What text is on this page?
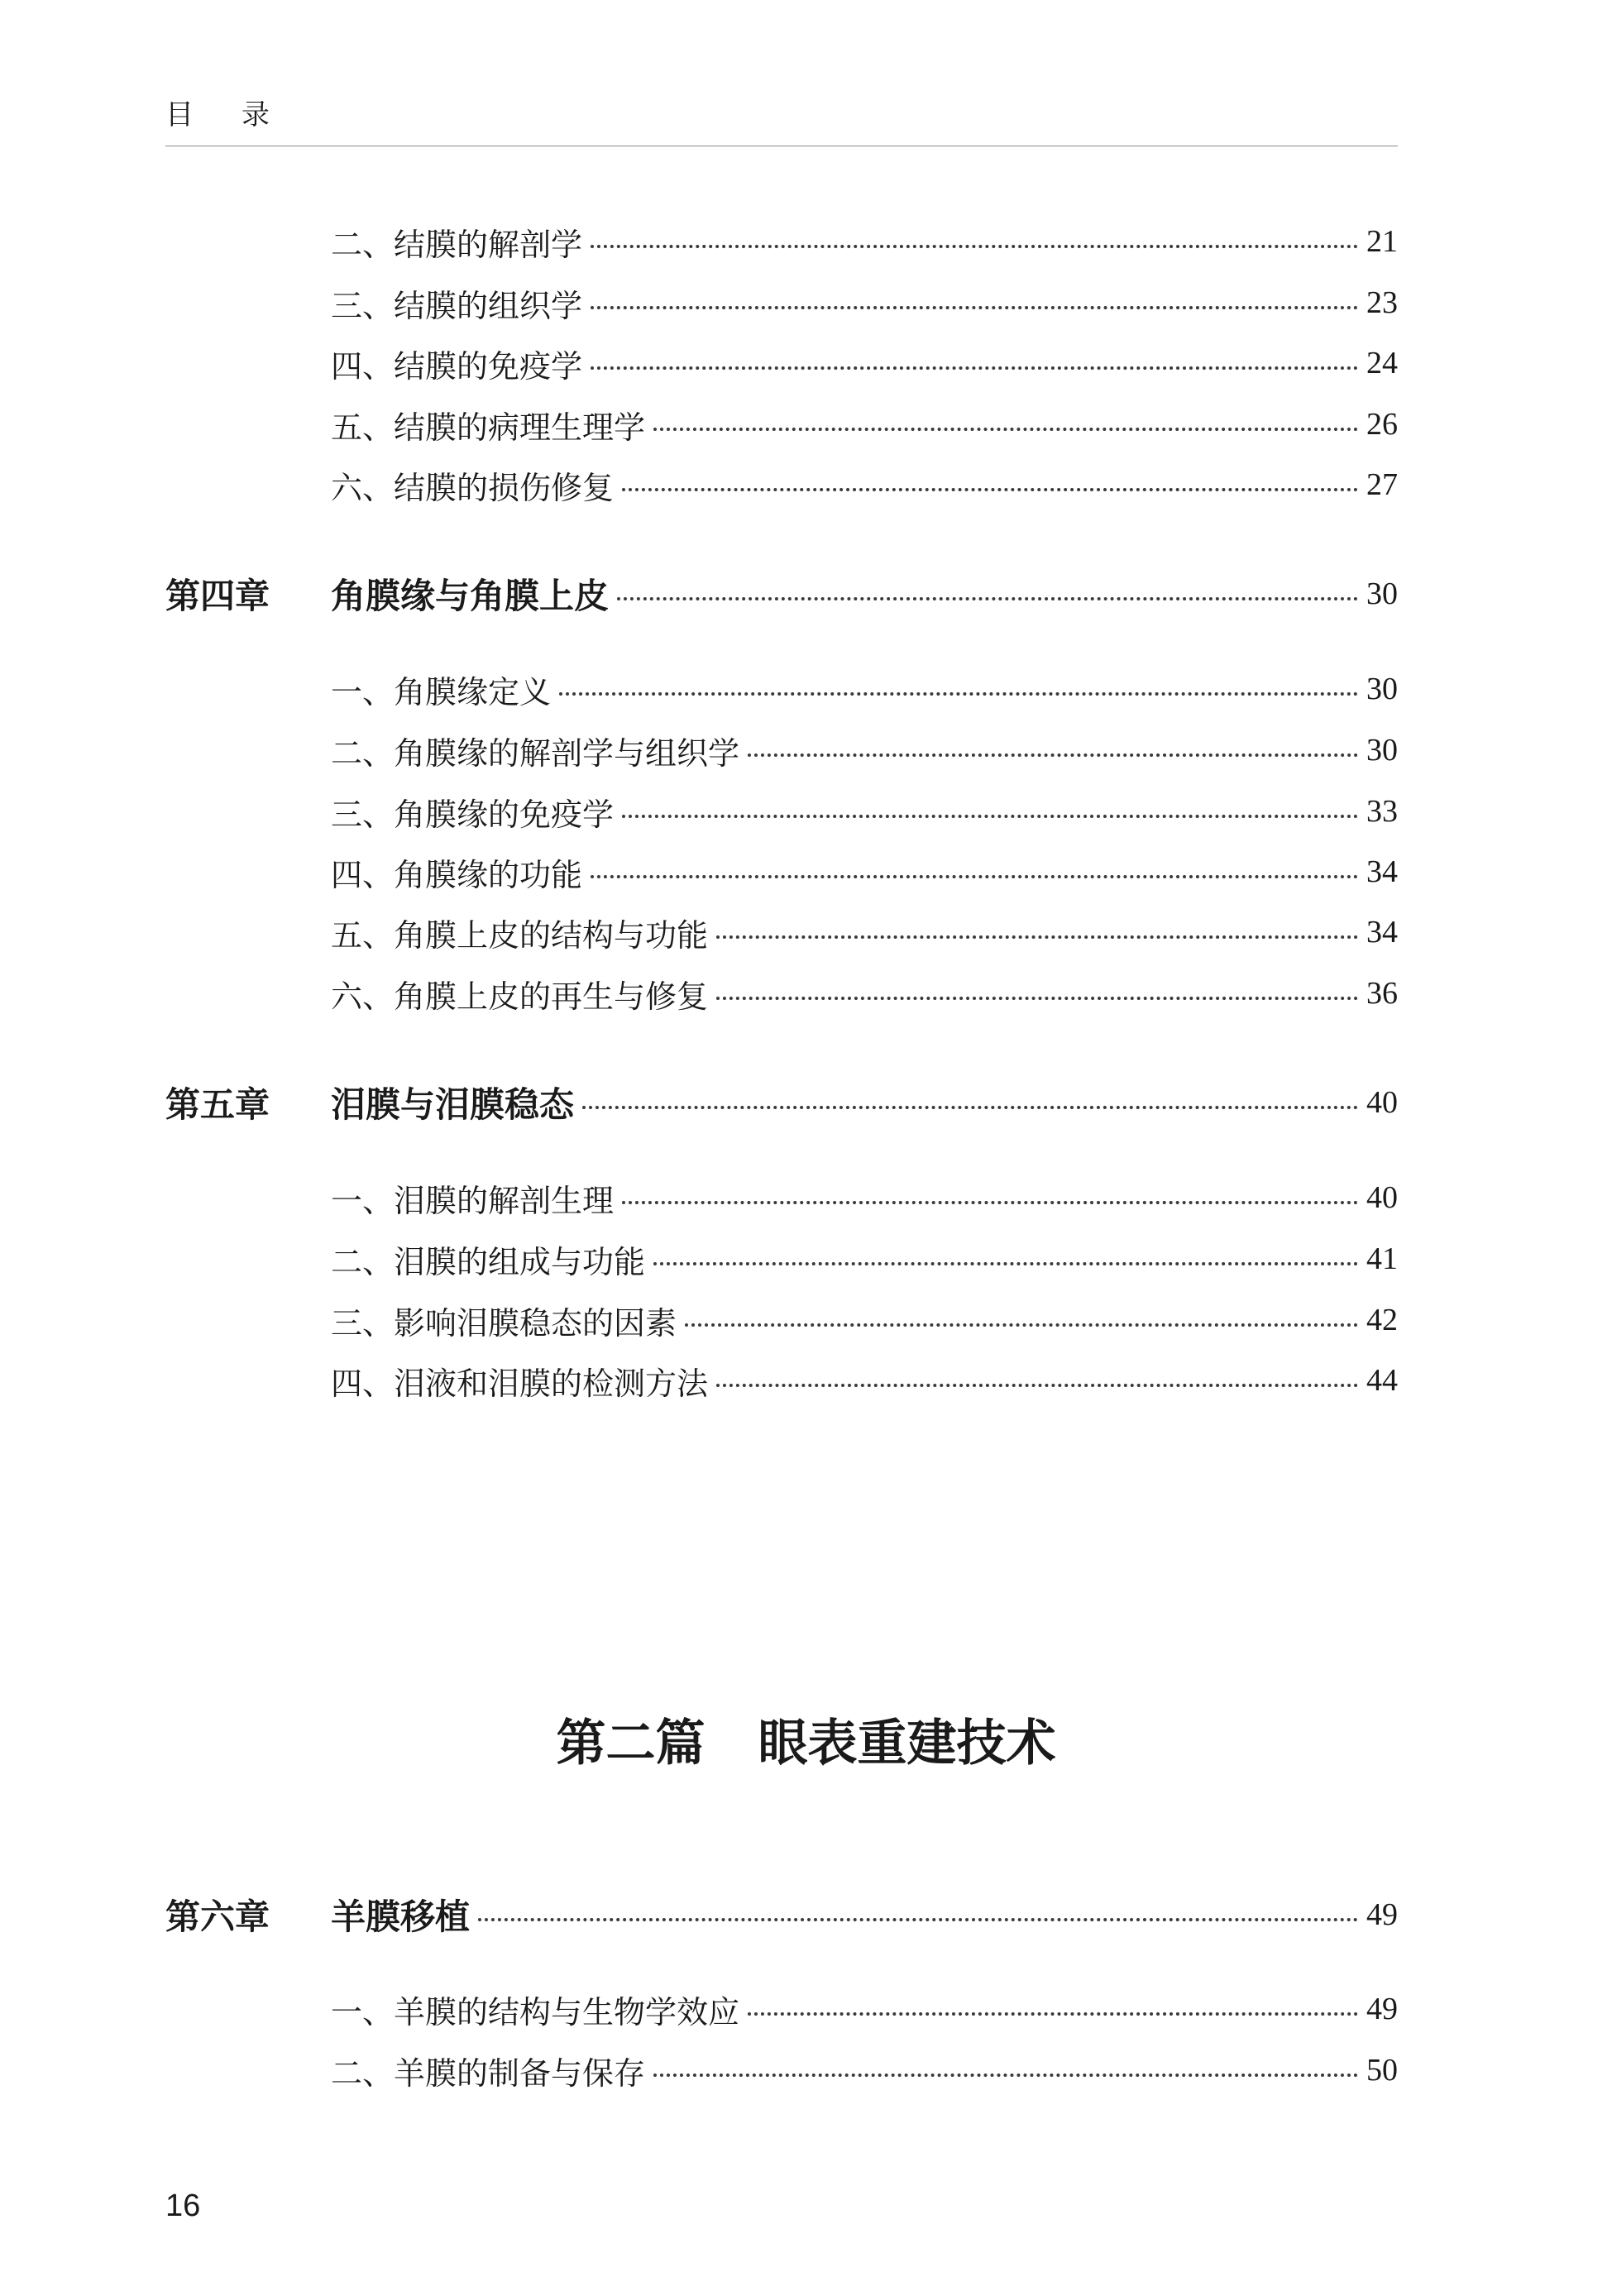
目录
二、结膜的解剖学	21
三、结膜的组织学	23
四、结膜的免疫学	24
五、结膜的病理生理学	26
六、结膜的损伤修复	27
第四章 角膜缘与角膜上皮	30
一、角膜缘定义	30
二、角膜缘的解剖学与组织学	30
三、角膜缘的免疫学	33
四、角膜缘的功能	34
五、角膜上皮的结构与功能	34
六、角膜上皮的再生与修复	36
第五章 泪膜与泪膜稳态	40
一、泪膜的解剖生理	40
二、泪膜的组成与功能	41
三、影响泪膜稳态的因素	42
四、泪液和泪膜的检测方法	44
第六章 羊膜移植	49
一、羊膜的结构与生物学效应	49
二、羊膜的制备与保存	50
第二篇 眼表重建技术
16
